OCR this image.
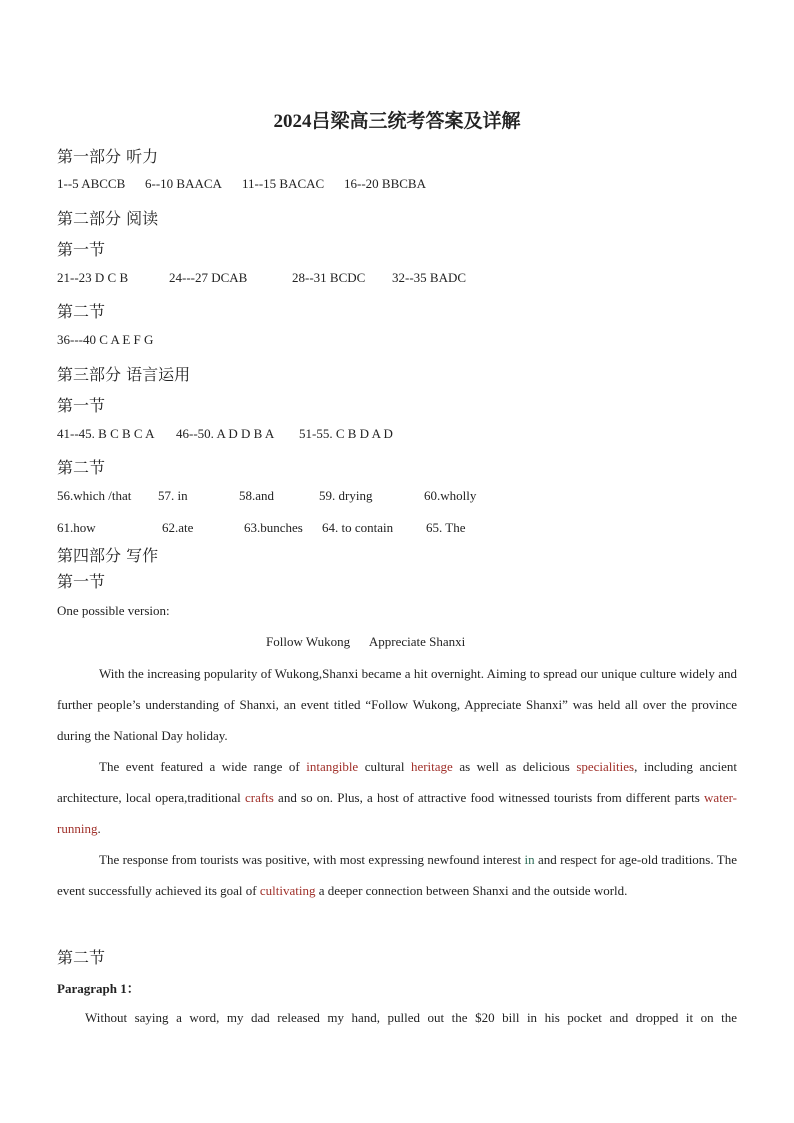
2024吕梁高三统考答案及详解
第一部分 听力
1--5 ABCCB 6--10 BAACA 11--15 BACAC 16--20 BBCBA
第二部分 阅读
第一节
21--23 D C B	24---27 DCAB	28--31 BCDC 32--35 BADC
第二节
36---40 C A E F G
第三部分 语言运用
第一节
41--45. B C B C A 46--50. A D D B A 51-55. C B D A D
第二节
56.which /that 57. in	58.and	59. drying	60.wholly
61.how	62.ate	63.bunches 64. to contain	65. The
第四部分 写作
第一节
One possible version:
Follow Wukong      Appreciate Shanxi

With the increasing popularity of Wukong,Shanxi became a hit overnight. Aiming to spread our unique culture widely and further people’s understanding of Shanxi, an event titled “Follow Wukong, Appreciate Shanxi” was held all over the province during the National Day holiday.

The event featured a wide range of intangible cultural heritage as well as delicious specialities, including ancient architecture, local opera,traditional crafts and so on. Plus, a host of attractive food witnessed tourists from different parts water-running.

The response from tourists was positive, with most expressing newfound interest in and respect for age-old traditions. The event successfully achieved its goal of cultivating a deeper connection between Shanxi and the outside world.

第二节
Paragraph 1：
Without saying a word, my dad released my hand, pulled out the $20 bill in his pocket and dropped it on the
